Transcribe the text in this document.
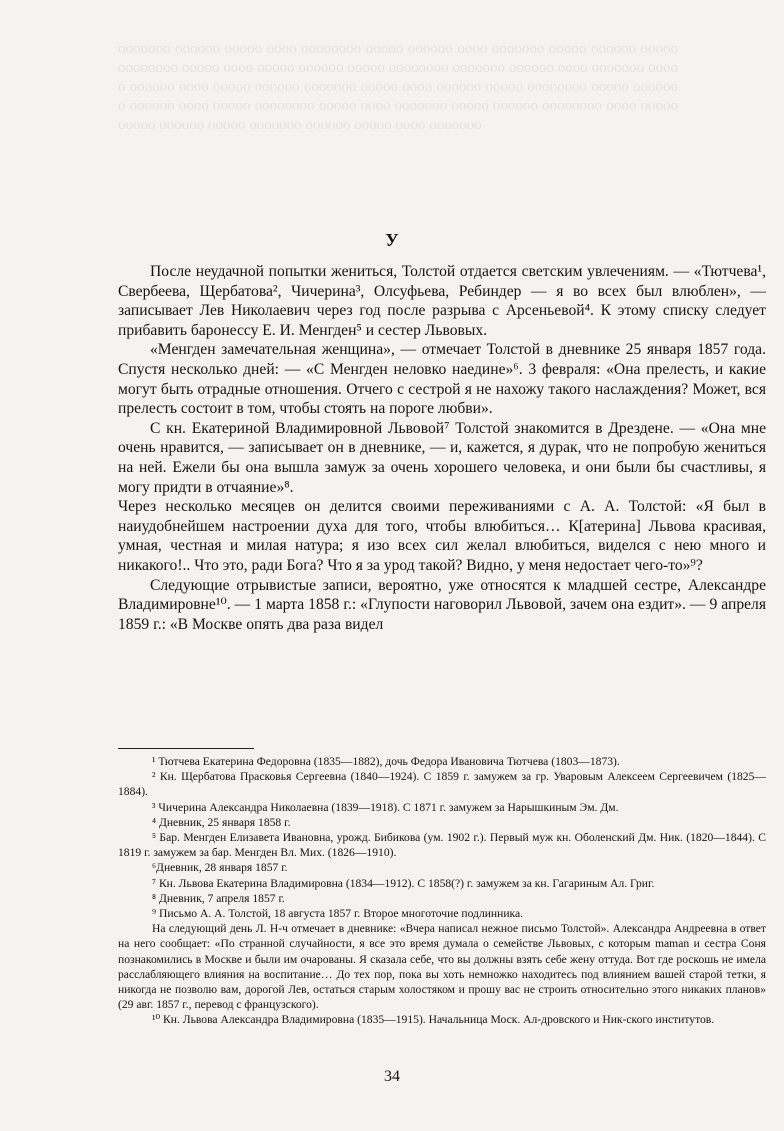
ооооооо оооооо ооооо оооо оооооооо ооооо оооооо оооо ооооооо ооооо оооооо ооооо оооооооо ооооо оооо ооооо оооооо ооооо оооооооо ооооооо оооооо оооо ооооооо ооооо оооооо оооо ооооо оооооо ооооооо ооооо оооо оооооо ооооо оооооооо ооооо ооооооо оооооо оооо ооооо оооооооо ооооо оооо ооооооо ооооо оооооо оооооооо оооо ооооо ооооо оооооо ооооо ооооооо оооооо ооооо оооо ооооооо
У

После неудачной попытки жениться, Толстой отдается светским увлечениям. — «Тютчева¹, Свербеева, Щербатова², Чичерина³, Олсуфьева, Ребиндер — я во всех был влюблен», — записывает Лев Николаевич через год после разрыва с Арсеньевой⁴. К этому списку следует прибавить баронессу Е. И. Менгден⁵ и сестер Львовых.

«Менгден замечательная женщина», — отмечает Толстой в дневнике 25 января 1857 года. Спустя несколько дней: — «С Менгден неловко наедине»⁶. 3 февраля: «Она прелесть, и какие могут быть отрадные отношения. Отчего с сестрой я не нахожу такого наслаждения? Может, вся прелесть состоит в том, чтобы стоять на пороге любви».

С кн. Екатериной Владимировной Львовой⁷ Толстой знакомится в Дрездене. — «Она мне очень нравится, — записывает он в дневнике, — и, кажется, я дурак, что не попробую жениться на ней. Ежели бы она вышла замуж за очень хорошего человека, и они были бы счастливы, я могу придти в отчаяние»⁸.

Через несколько месяцев он делится своими переживаниями с А. А. Толстой: «Я был в наиудобнейшем настроении духа для того, чтобы влюбиться… К[атерина] Львова красивая, умная, честная и милая натура; я изо всех сил желал влюбиться, виделся с нею много и никакого!.. Что это, ради Бога? Что я за урод такой? Видно, у меня недостает чего-то»⁹?

Следующие отрывистые записи, вероятно, уже относятся к младшей сестре, Александре Владимировне¹⁰. — 1 марта 1858 г.: «Глупости наговорил Львовой, зачем она ездит». — 9 апреля 1859 г.: «В Москве опять два раза видел

¹ Тютчева Екатерина Федоровна (1835—1882), дочь Федора Ивановича Тютчева (1803—1873).

² Кн. Щербатова Прасковья Сергеевна (1840—1924). С 1859 г. замужем за гр. Уваровым Алексеем Сергеевичем (1825—1884).

³ Чичерина Александра Николаевна (1839—1918). С 1871 г. замужем за Нарышкиным Эм. Дм.

⁴ Дневник, 25 января 1858 г.

⁵ Бар. Менгден Елизавета Ивановна, урожд. Бибикова (ум. 1902 г.). Первый муж кн. Оболенский Дм. Ник. (1820—1844). С 1819 г. замужем за бар. Менгден Вл. Мих. (1826—1910).

⁶Дневник, 28 января 1857 г.

⁷ Кн. Львова Екатерина Владимировна (1834—1912). С 1858(?) г. замужем за кн. Гагариным Ал. Григ.

⁸ Дневник, 7 апреля 1857 г.

⁹ Письмо А. А. Толстой, 18 августа 1857 г. Второе многоточие подлинника.

На следующий день Л. Н-ч отмечает в дневнике: «Вчера написал нежное письмо Толстой». Александра Андреевна в ответ на него сообщает: «По странной случайности, я все это время думала о семействе Львовых, с которым maman и сестра Соня познакомились в Москве и были им очарованы. Я сказала себе, что вы должны взять себе жену оттуда. Вот где роскошь не имела расслабляющего влияния на воспитание… До тех пор, пока вы хоть немножко находитесь под влиянием вашей старой тетки, я никогда не позволю вам, дорогой Лев, остаться старым холостяком и прошу вас не строить относительно этого никаких планов» (29 авг. 1857 г., перевод с французского).

¹⁰ Кн. Львова Александра Владимировна (1835—1915). Начальница Моск. Ал-дровского и Ник-ского институтов.

34
